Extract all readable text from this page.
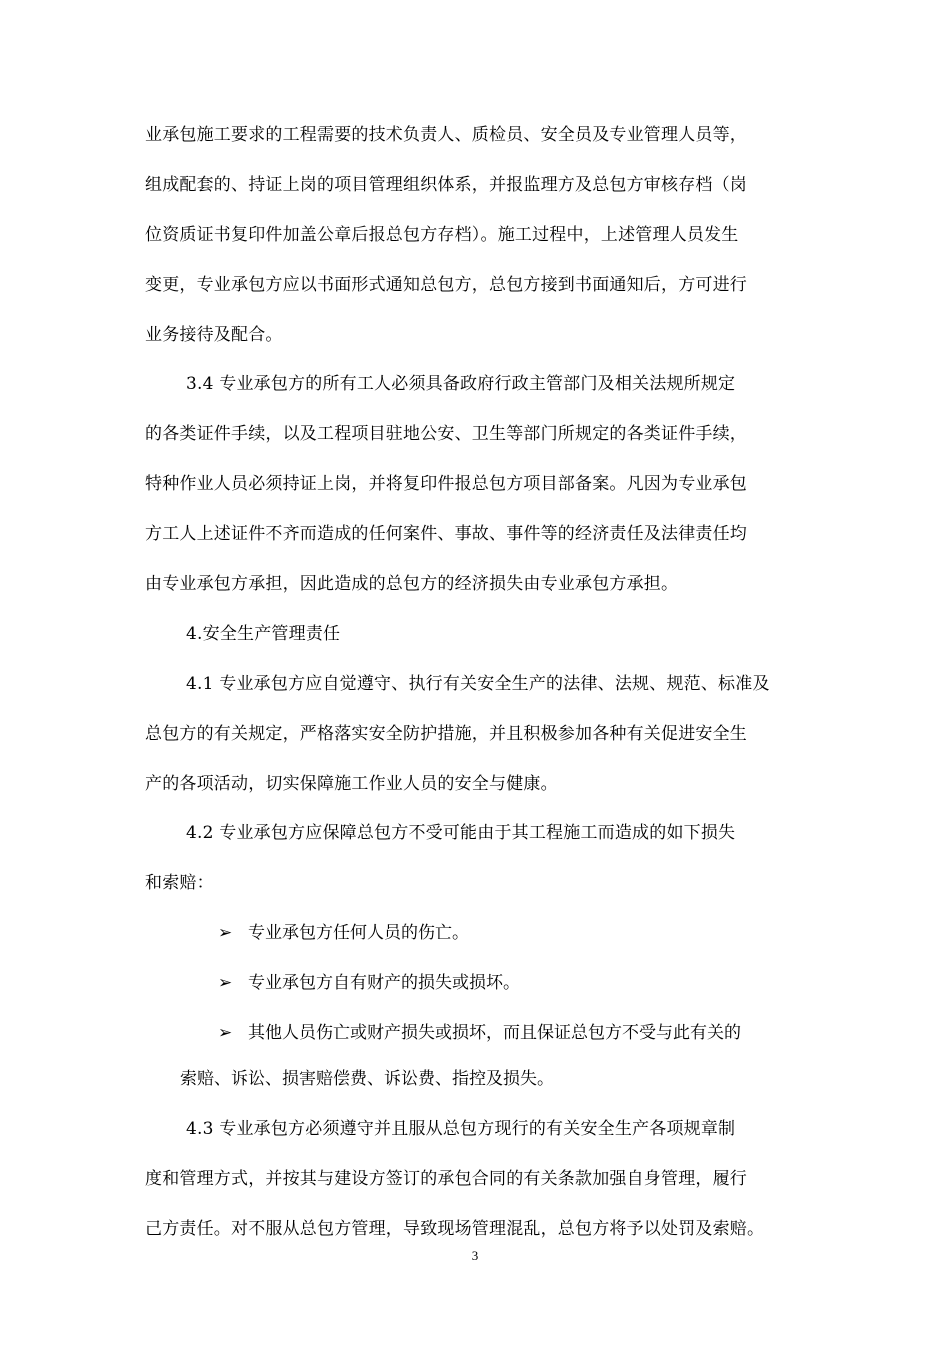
业承包施工要求的工程需要的技术负责人、质检员、安全员及专业管理人员等，
组成配套的、持证上岗的项目管理组织体系，并报监理方及总包方审核存档（岗
位资质证书复印件加盖公章后报总包方存档）。施工过程中，上述管理人员发生
变更，专业承包方应以书面形式通知总包方，总包方接到书面通知后，方可进行
业务接待及配合。
3.4 专业承包方的所有工人必须具备政府行政主管部门及相关法规所规定
的各类证件手续，以及工程项目驻地公安、卫生等部门所规定的各类证件手续，
特种作业人员必须持证上岗，并将复印件报总包方项目部备案。凡因为专业承包
方工人上述证件不齐而造成的任何案件、事故、事件等的经济责任及法律责任均
由专业承包方承担，因此造成的总包方的经济损失由专业承包方承担。
4.安全生产管理责任
4.1 专业承包方应自觉遵守、执行有关安全生产的法律、法规、规范、标准及
总包方的有关规定，严格落实安全防护措施，并且积极参加各种有关促进安全生
产的各项活动，切实保障施工作业人员的安全与健康。
4.2 专业承包方应保障总包方不受可能由于其工程施工而造成的如下损失
和索赔：
➢ 专业承包方任何人员的伤亡。
➢ 专业承包方自有财产的损失或损坏。
➢ 其他人员伤亡或财产损失或损坏，而且保证总包方不受与此有关的
索赔、诉讼、损害赔偿费、诉讼费、指控及损失。
4.3 专业承包方必须遵守并且服从总包方现行的有关安全生产各项规章制
度和管理方式，并按其与建设方签订的承包合同的有关条款加强自身管理，履行
己方责任。对不服从总包方管理，导致现场管理混乱，总包方将予以处罚及索赔。
3
